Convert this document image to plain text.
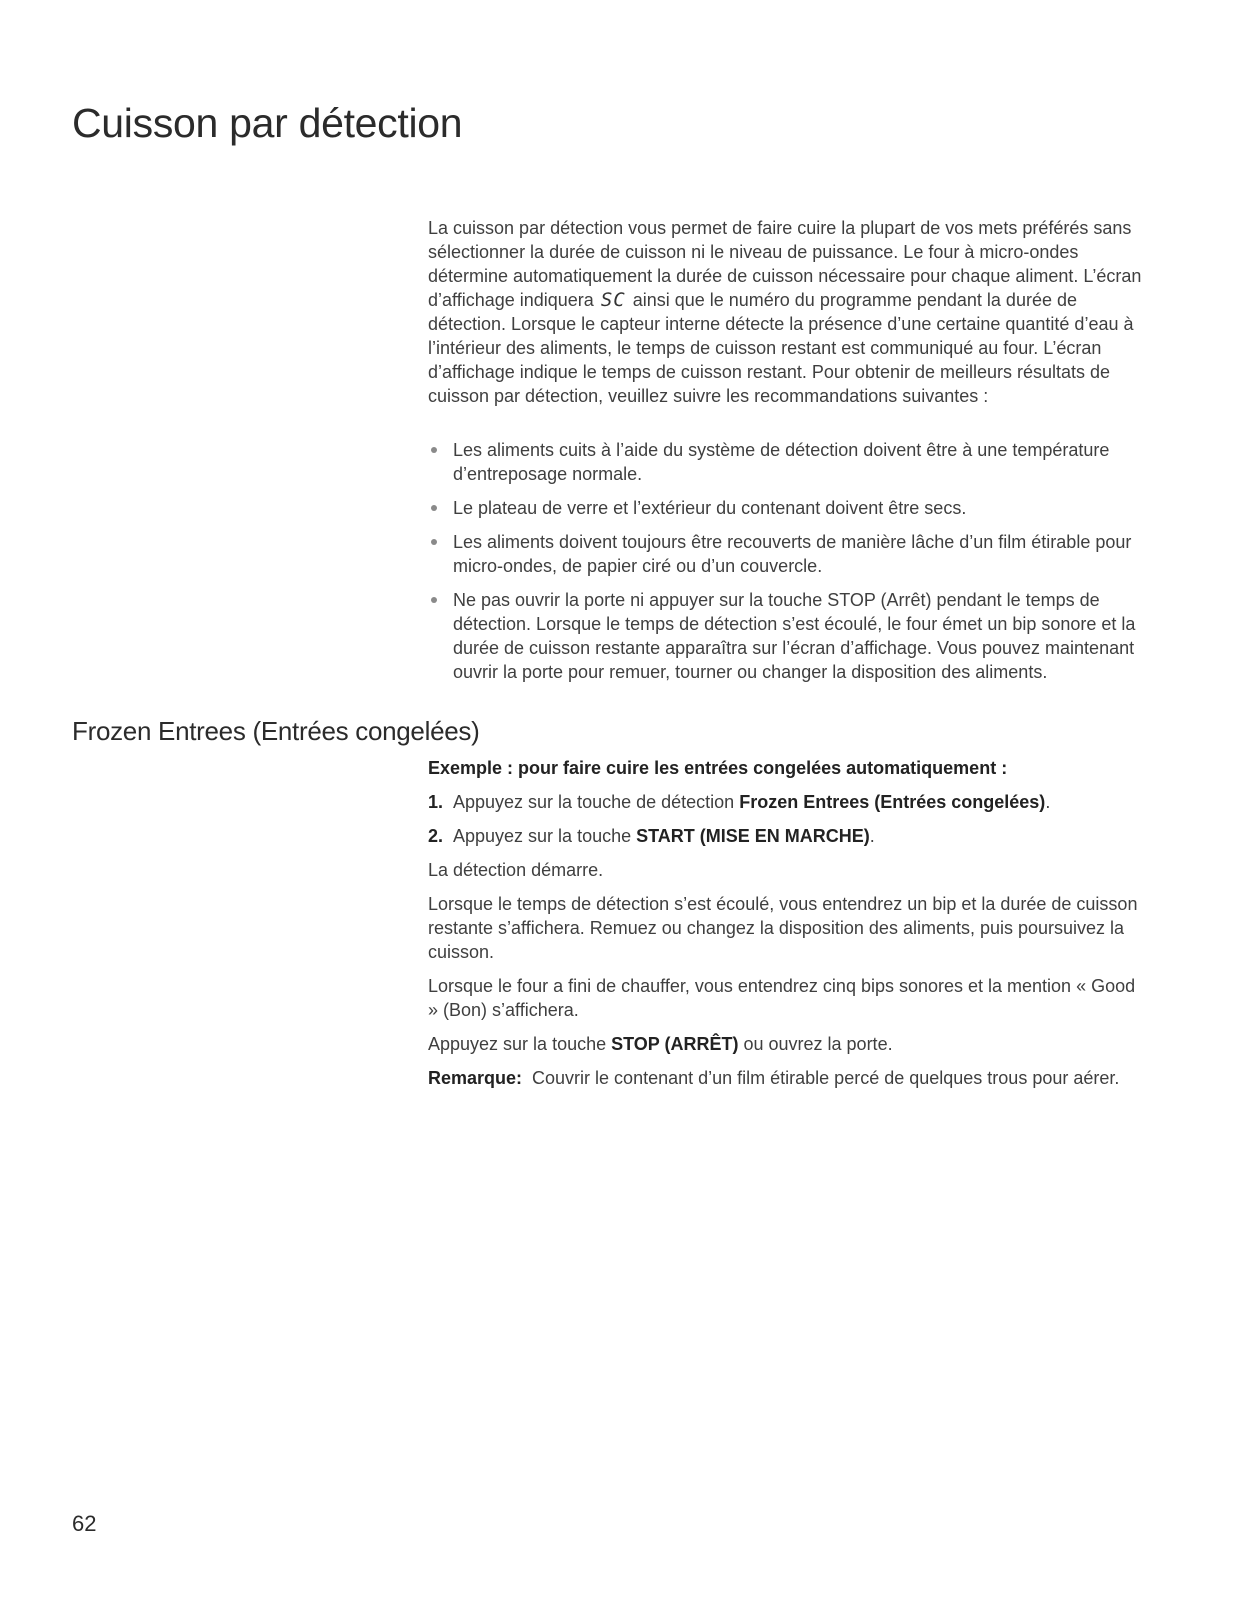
Cuisson par détection

La cuisson par détection vous permet de faire cuire la plupart de vos mets préférés sans sélectionner la durée de cuisson ni le niveau de puissance. Le four à micro-ondes détermine automatiquement la durée de cuisson nécessaire pour chaque aliment. L’écran d’affichage indiquera SC ainsi que le numéro du programme pendant la durée de détection. Lorsque le capteur interne détecte la présence d’une certaine quantité d’eau à l’intérieur des aliments, le temps de cuisson restant est communiqué au four. L’écran d’affichage indique le temps de cuisson restant. Pour obtenir de meilleurs résultats de cuisson par détection, veuillez suivre les recommandations suivantes :

Les aliments cuits à l’aide du système de détection doivent être à une température d’entreposage normale.
Le plateau de verre et l’extérieur du contenant doivent être secs.
Les aliments doivent toujours être recouverts de manière lâche d’un film étirable pour micro-ondes, de papier ciré ou d’un couvercle.
Ne pas ouvrir la porte ni appuyer sur la touche STOP (Arrêt) pendant le temps de détection. Lorsque le temps de détection s’est écoulé, le four émet un bip sonore et la durée de cuisson restante apparaîtra sur l’écran d’affichage. Vous pouvez maintenant ouvrir la porte pour remuer, tourner ou changer la disposition des aliments.
Frozen Entrees (Entrées congelées)

Exemple : pour faire cuire les entrées congelées automatiquement :

1. Appuyez sur la touche de détection Frozen Entrees (Entrées congelées).

2. Appuyez sur la touche START (MISE EN MARCHE).

La détection démarre.

Lorsque le temps de détection s’est écoulé, vous entendrez un bip et la durée de cuisson restante s’affichera. Remuez ou changez la disposition des aliments, puis poursuivez la cuisson.

Lorsque le four a fini de chauffer, vous entendrez cinq bips sonores et la mention « Good » (Bon) s’affichera.

Appuyez sur la touche STOP (ARRÊT) ou ouvrez la porte.

Remarque:  Couvrir le contenant d’un film étirable percé de quelques trous pour aérer.

62
